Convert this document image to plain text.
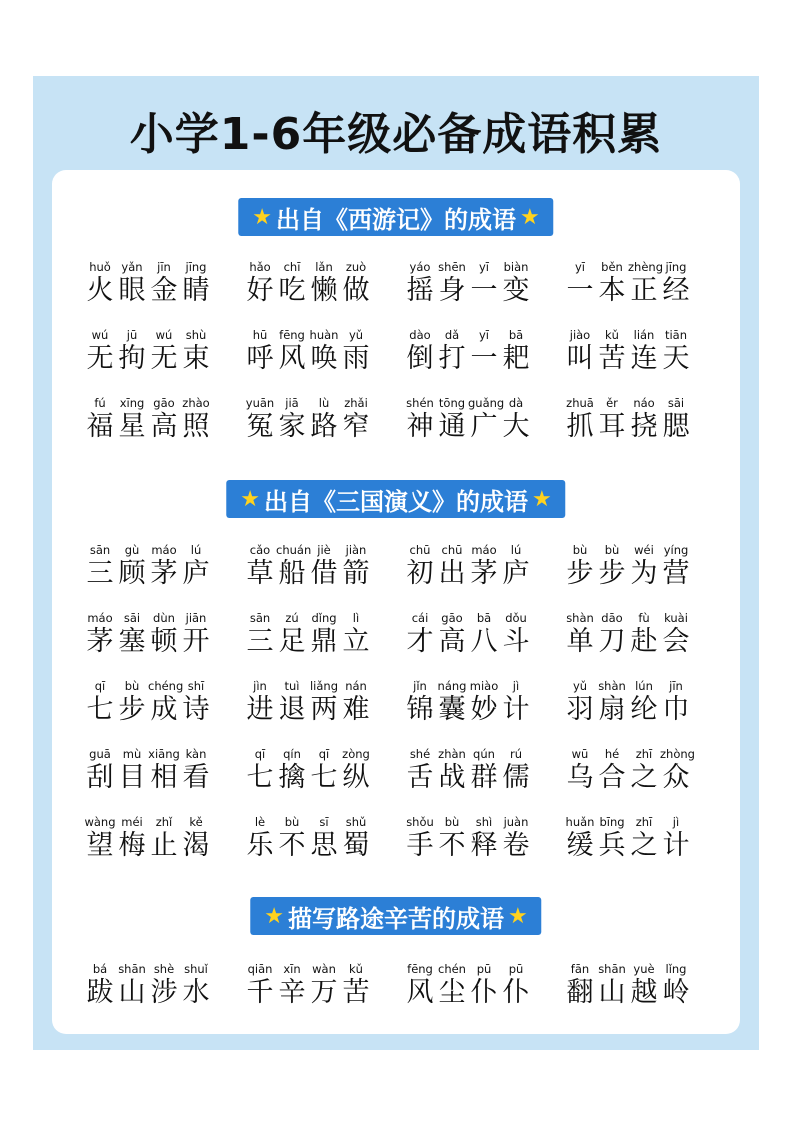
小学1-6年级必备成语积累
★ 出自《西游记》的成语 ★
huǒ yǎn	jīn	jīng
火 眼 金 睛
hǎo	chī	lǎn	zuò
好 吃 懒 做
yáo shēn	yī	biàn
摇 身 一 变
yī	běn zhèng jīng
一 本 正 经
wú	jū	wú	shù
无 拘 无 束
hū	fēng huàn yǔ
呼 风 唤 雨
dào	dǎ	yī	bā
倒 打 一 耙
jiào	kǔ	lián tiān
叫 苦 连 天
fú	xīng gāo zhào
福 星 高 照
yuān jiā	lù	zhǎi
冤 家 路 窄
shén tōng guǎng dà
神 通 广 大
zhuā	ěr	náo	sāi
抓 耳 挠 腮
★ 出自《三国演义》的成语 ★
sān	gù	máo	lú
三 顾 茅 庐
cǎo chuán jiè	jiàn
草 船 借 箭
chū chū máo	lú
初 出 茅 庐
bù	bù	wéi yíng
步 步 为 营
máo sāi	dùn jiān
茅 塞 顿 开
sān	zú	dǐng	lì
三 足 鼎 立
cái	gāo	bā	dǒu
才 高 八 斗
shàn dāo	fù	kuài
单 刀 赴 会
qī	bù chéng shī
七 步 成 诗
jìn	tuì liǎng nán
进 退 两 难
jǐn náng miào	jì
锦 囊 妙 计
yǔ shàn lún	jīn
羽 扇 纶 巾
guā	mù xiāng kàn
刮 目 相 看
qī	qín	qī	zòng
七 擒 七 纵
shé zhàn qún	rú
舌 战 群 儒
wū	hé	zhī zhòng
乌 合 之 众
wàng méi	zhǐ	kě
望 梅 止 渴
lè	bù	sī	shǔ
乐 不 思 蜀
shǒu bù	shì juàn
手 不 释 卷
huǎn bīng zhī	jì
缓 兵 之 计
★ 描写路途辛苦的成语 ★
bá shān shè shuǐ
跋 山 涉 水
qiān xīn wàn	kǔ
千 辛 万 苦
fēng chén pū	pū
风 尘 仆 仆
fān shān yuè lǐng
翻 山 越 岭
